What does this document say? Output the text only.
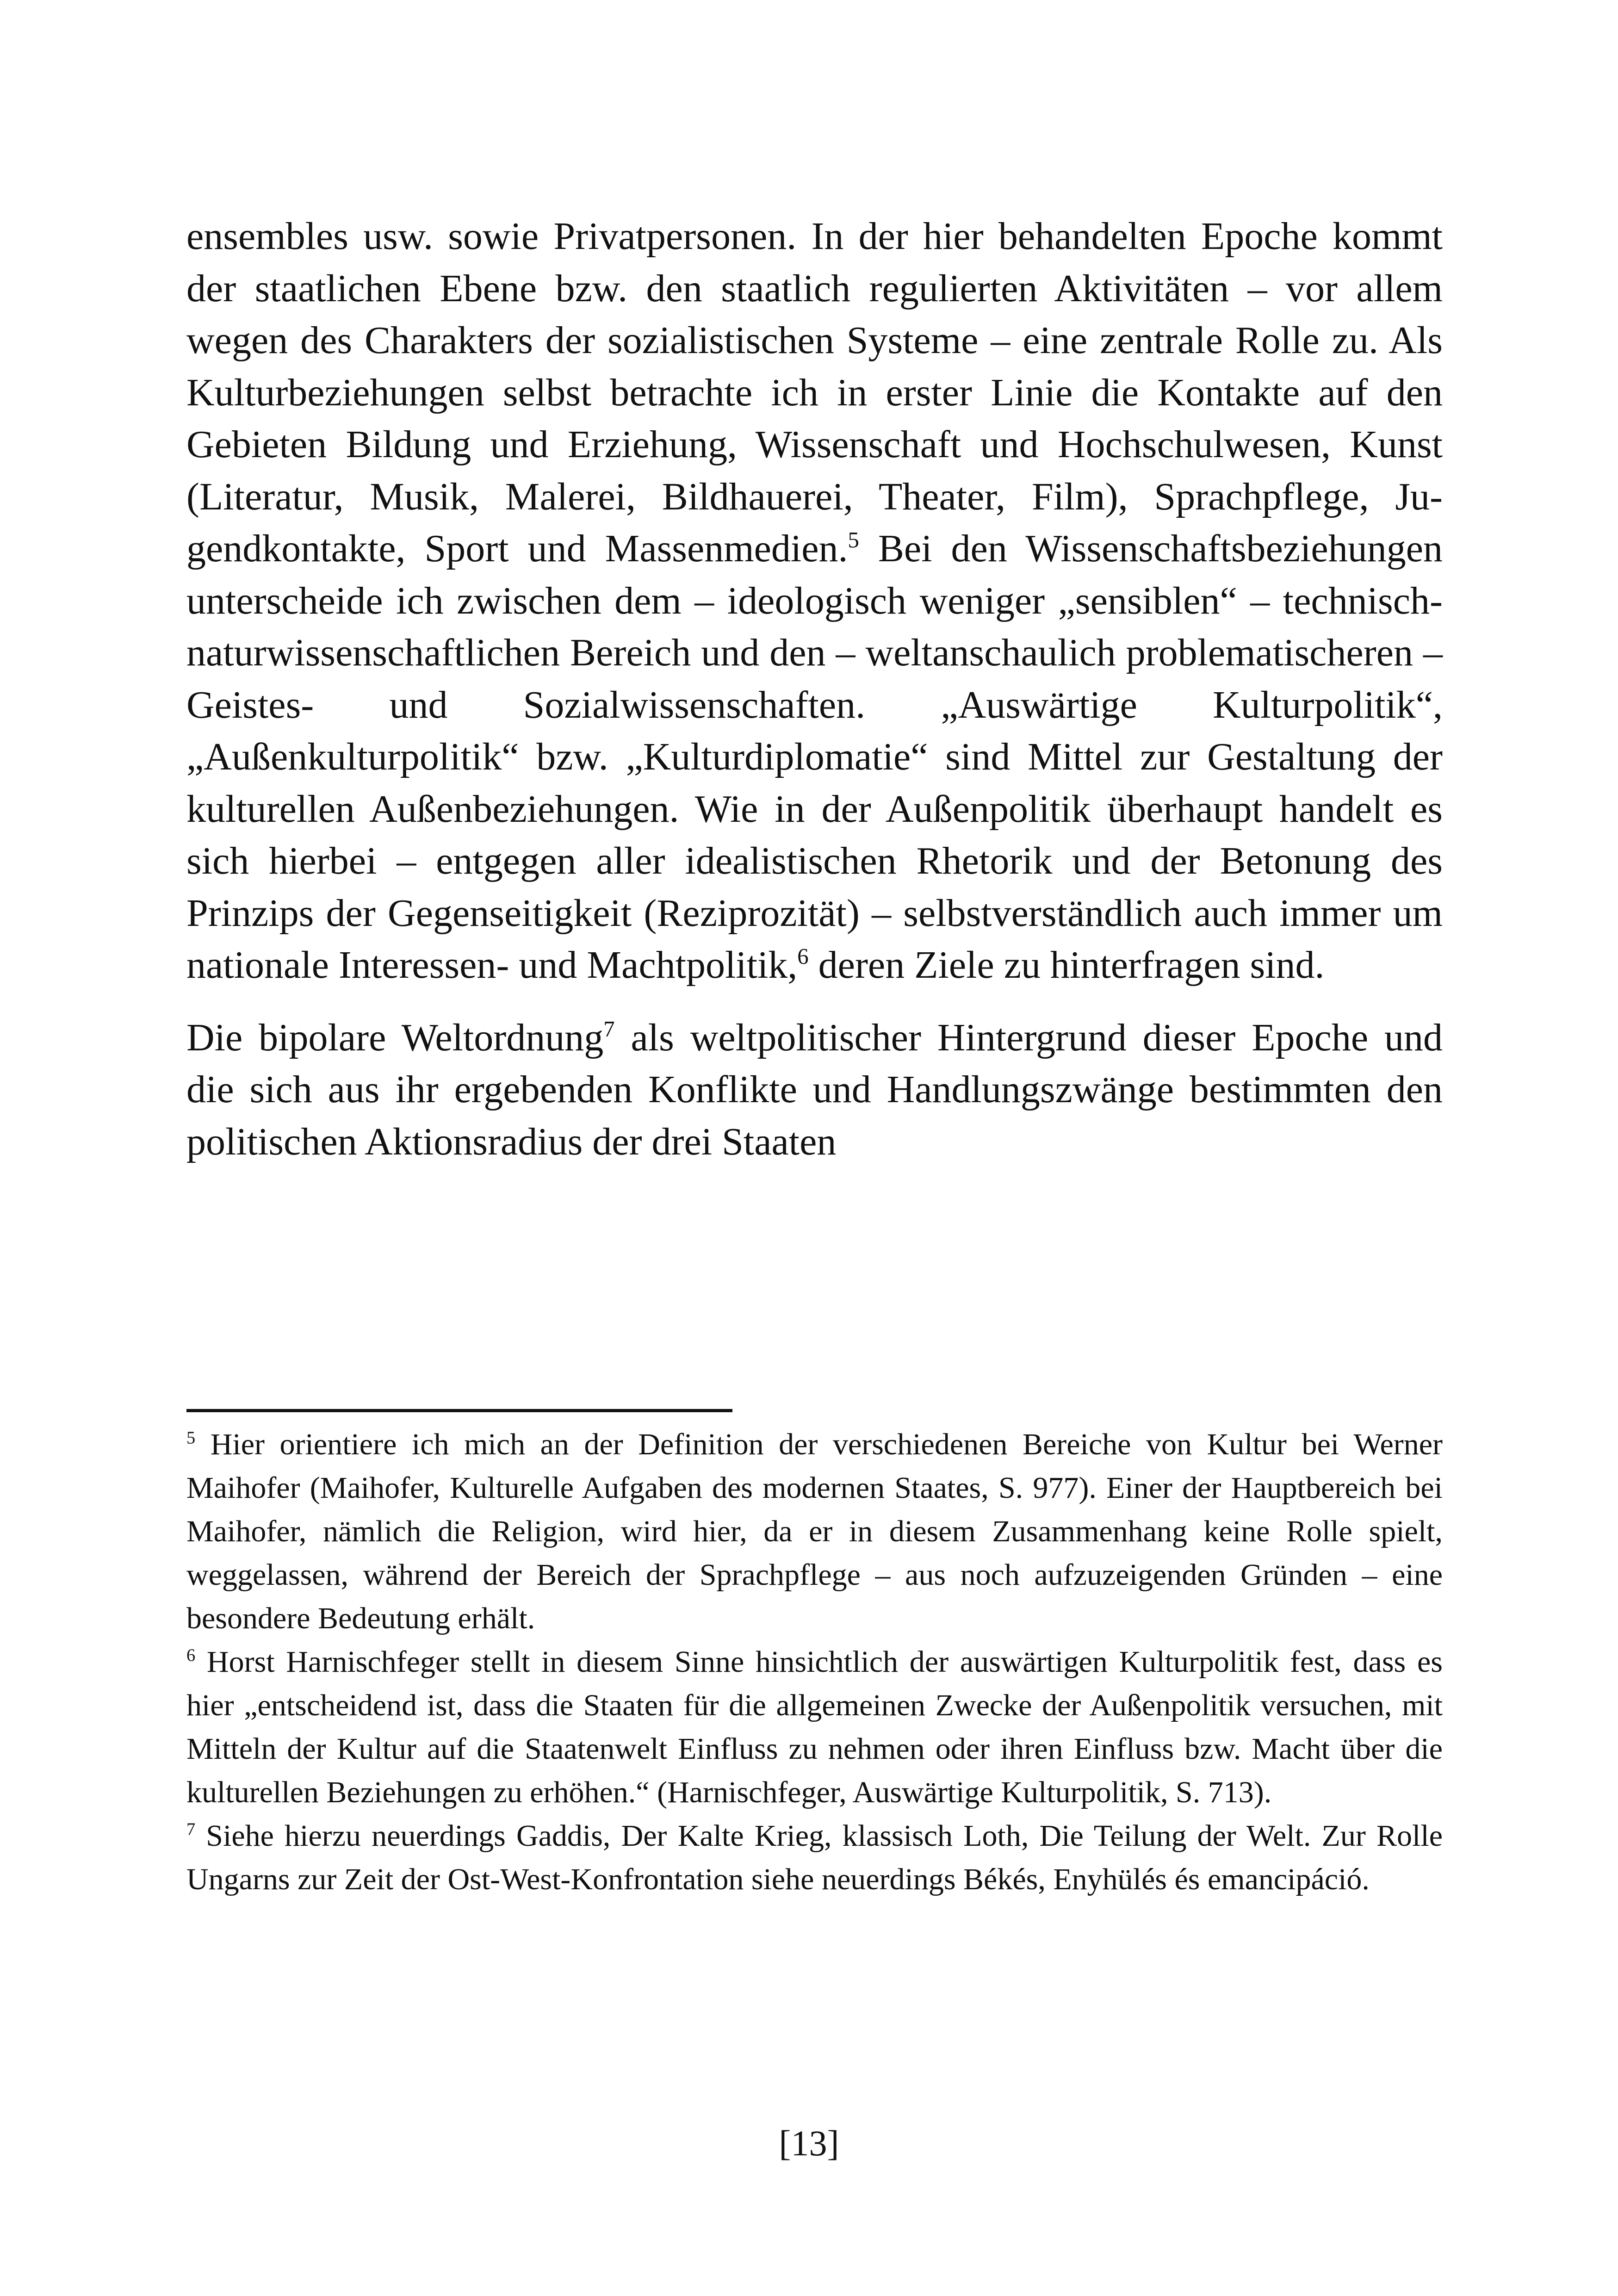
ensembles usw. sowie Privatpersonen. In der hier behandelten Epoche kommt der staatlichen Ebene bzw. den staatlich regulierten Aktivitäten – vor allem wegen des Charakters der sozialistischen Systeme – eine zentrale Rolle zu. Als Kulturbeziehungen selbst betrachte ich in erster Linie die Kontakte auf den Gebieten Bildung und Erziehung, Wissenschaft und Hochschulwesen, Kunst (Literatur, Musik, Malerei, Bildhauerei, Theater, Film), Sprachpflege, Jugendkontakte, Sport und Massenmedien.$^5$ Bei den Wissenschaftsbeziehungen unterscheide ich zwischen dem – ideologisch weniger „sensiblen“ – technisch-naturwissenschaftlichen Bereich und den – weltanschaulich problematischeren – Geistes- und Sozialwissenschaften. „Auswärtige Kulturpolitik“, „Außenkulturpolitik“ bzw. „Kulturdiplomatie“ sind Mittel zur Gestaltung der kulturellen Außenbeziehungen. Wie in der Außenpolitik überhaupt handelt es sich hierbei – entgegen aller idealistischen Rhetorik und der Betonung des Prinzips der Gegenseitigkeit (Reziprozität) – selbstverständlich auch immer um nationale Interessen- und Machtpolitik,$^6$ deren Ziele zu hinterfragen sind.

Die bipolare Weltordnung$^7$ als weltpolitischer Hintergrund dieser Epoche und die sich aus ihr ergebenden Konflikte und Handlungszwänge bestimmten den politischen Aktionsradius der drei Staaten

$^5$ Hier orientiere ich mich an der Definition der verschiedenen Bereiche von Kultur bei Werner Maihofer (Maihofer, Kulturelle Aufgaben des modernen Staates, S. 977). Einer der Hauptbereich bei Maihofer, nämlich die Religion, wird hier, da er in diesem Zusammenhang keine Rolle spielt, weggelassen, während der Bereich der Sprachpflege – aus noch aufzuzeigenden Gründen – eine besondere Bedeutung erhält.

$^6$ Horst Harnischfeger stellt in diesem Sinne hinsichtlich der auswärtigen Kulturpolitik fest, dass es hier „entscheidend ist, dass die Staaten für die allgemeinen Zwecke der Außenpolitik versuchen, mit Mitteln der Kultur auf die Staatenwelt Einfluss zu nehmen oder ihren Einfluss bzw. Macht über die kulturellen Beziehungen zu erhöhen.“ (Harnischfeger, Auswärtige Kulturpolitik, S. 713).

$^7$ Siehe hierzu neuerdings Gaddis, Der Kalte Krieg, klassisch Loth, Die Teilung der Welt. Zur Rolle Ungarns zur Zeit der Ost-West-Konfrontation siehe neuerdings Békés, Enyhülés és emancipáció.

[13]
